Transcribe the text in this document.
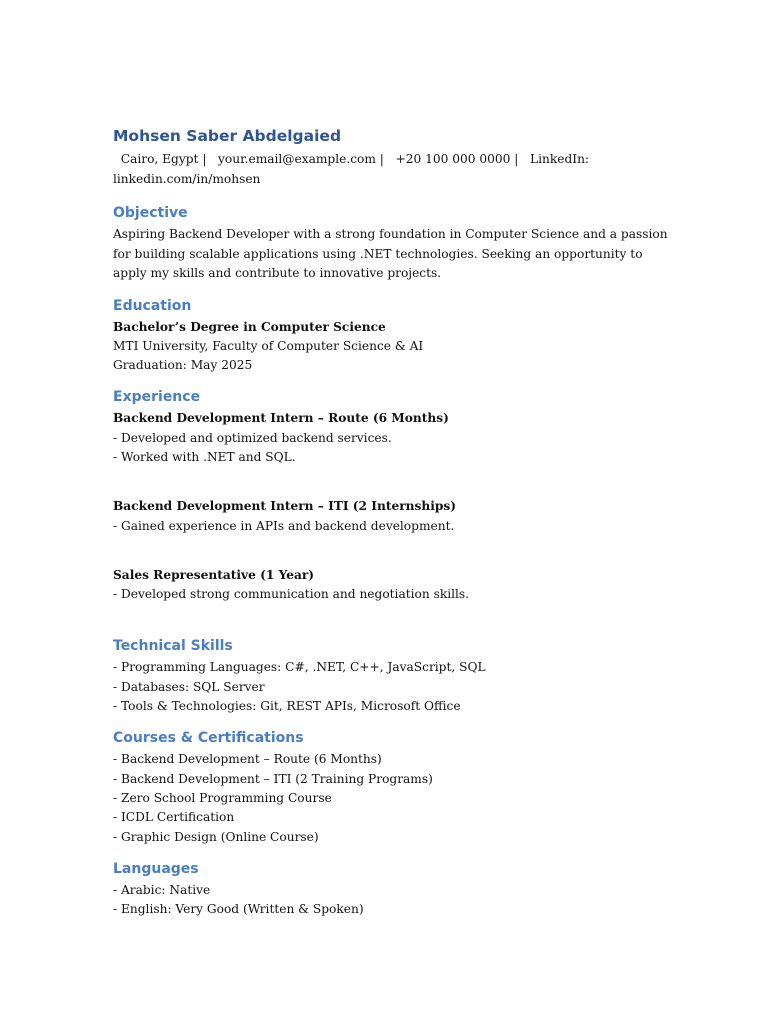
Mohsen Saber Abdelgaied
Cairo, Egypt | your.email@example.com | +20 100 000 0000 | LinkedIn:
linkedin.com/in/mohsen
Objective

Aspiring Backend Developer with a strong foundation in Computer Science and a passion for building scalable applications using .NET technologies. Seeking an opportunity to apply my skills and contribute to innovative projects.

Education

Bachelor’s Degree in Computer Science

MTI University, Faculty of Computer Science & AI

Graduation: May 2025

Experience

Backend Development Intern – Route (6 Months)

- Developed and optimized backend services.

- Worked with .NET and SQL.

Backend Development Intern – ITI (2 Internships)

- Gained experience in APIs and backend development.

Sales Representative (1 Year)

- Developed strong communication and negotiation skills.

Technical Skills

- Programming Languages: C#, .NET, C++, JavaScript, SQL

- Databases: SQL Server

- Tools & Technologies: Git, REST APIs, Microsoft Office

Courses & Certifications

- Backend Development – Route (6 Months)

- Backend Development – ITI (2 Training Programs)

- Zero School Programming Course

- ICDL Certification

- Graphic Design (Online Course)

Languages

- Arabic: Native

- English: Very Good (Written & Spoken)
